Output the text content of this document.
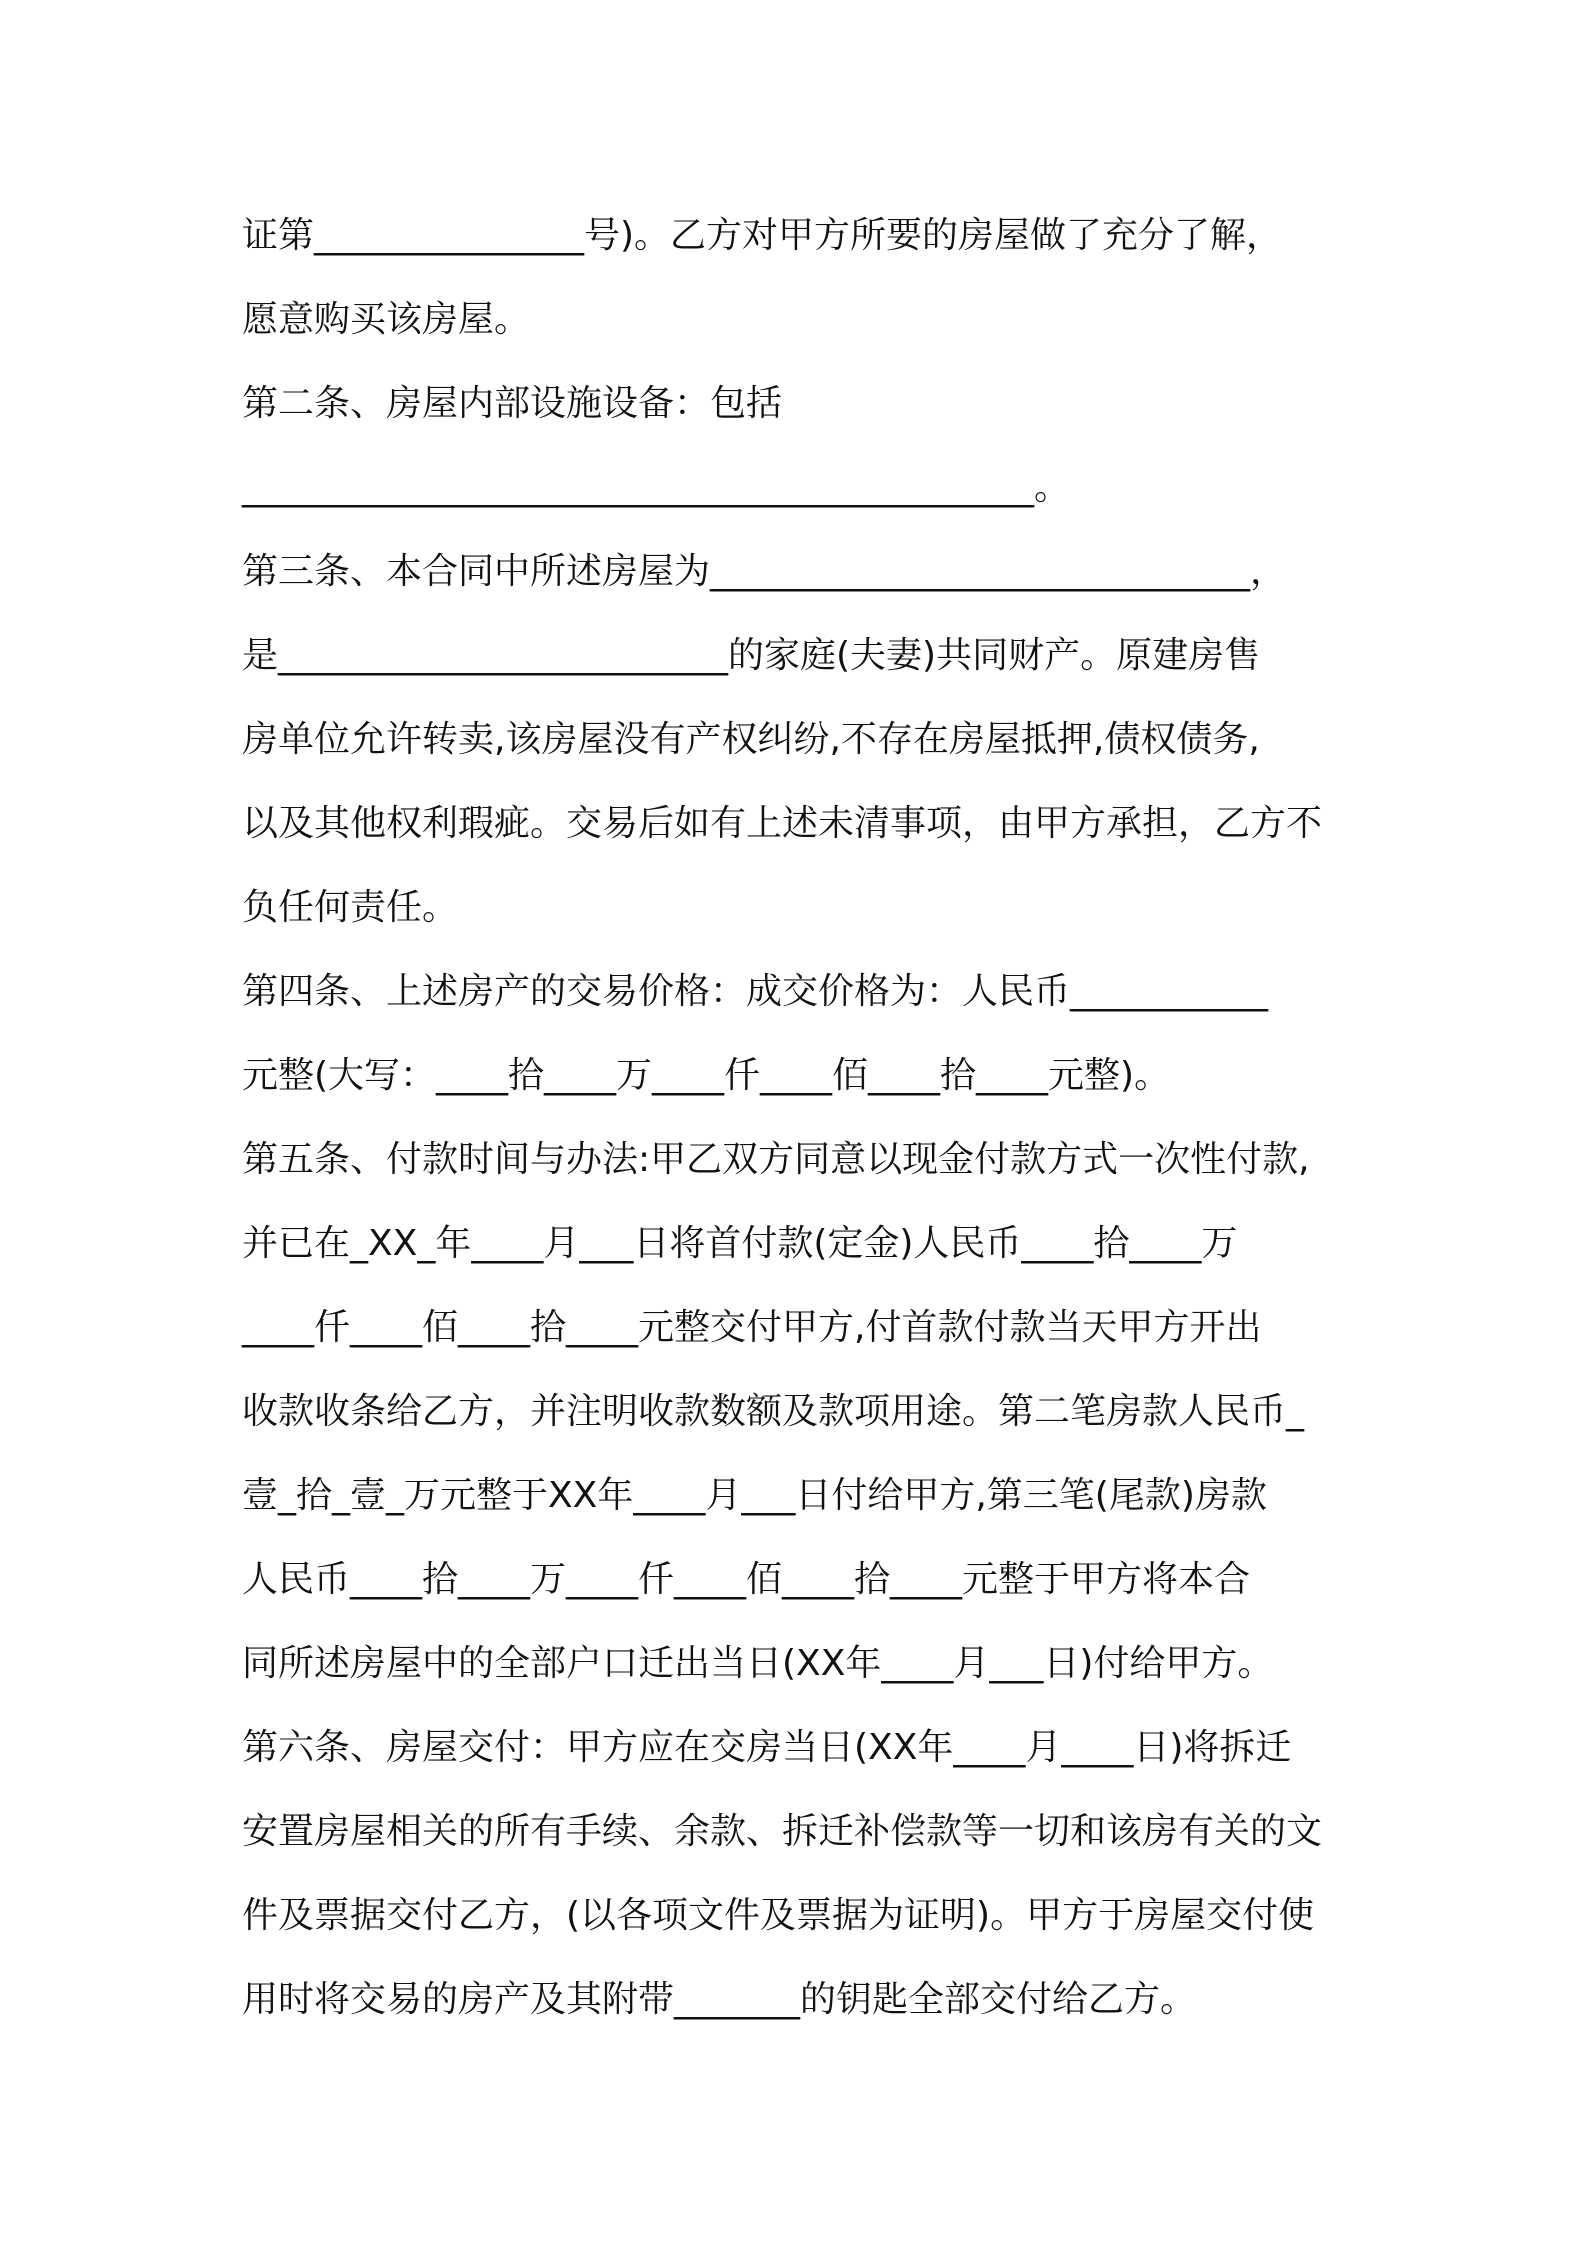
证第_______________号)。乙方对甲方所要的房屋做了充分了解，
愿意购买该房屋。
第二条、房屋内部设施设备：包括
____________________________________________。
第三条、本合同中所述房屋为______________________________，
是_________________________的家庭(夫妻)共同财产。原建房售
房单位允许转卖,该房屋没有产权纠纷,不存在房屋抵押,债权债务,
以及其他权利瑕疵。交易后如有上述未清事项，由甲方承担，乙方不
负任何责任。
第四条、上述房产的交易价格：成交价格为：人民币___________
元整(大写：____拾____万____仟____佰____拾____元整)。
第五条、付款时间与办法:甲乙双方同意以现金付款方式一次性付款,
并已在_XX_年____月___日将首付款(定金)人民币____拾____万
____仟____佰____拾____元整交付甲方,付首款付款当天甲方开出
收款收条给乙方，并注明收款数额及款项用途。第二笔房款人民币_
壹_拾_壹_万元整于XX年____月___日付给甲方,第三笔(尾款)房款
人民币____拾____万____仟____佰____拾____元整于甲方将本合
同所述房屋中的全部户口迁出当日(XX年____月___日)付给甲方。
第六条、房屋交付：甲方应在交房当日(XX年____月____日)将拆迁
安置房屋相关的所有手续、余款、拆迁补偿款等一切和该房有关的文
件及票据交付乙方，(以各项文件及票据为证明)。甲方于房屋交付使
用时将交易的房产及其附带_______的钥匙全部交付给乙方。
